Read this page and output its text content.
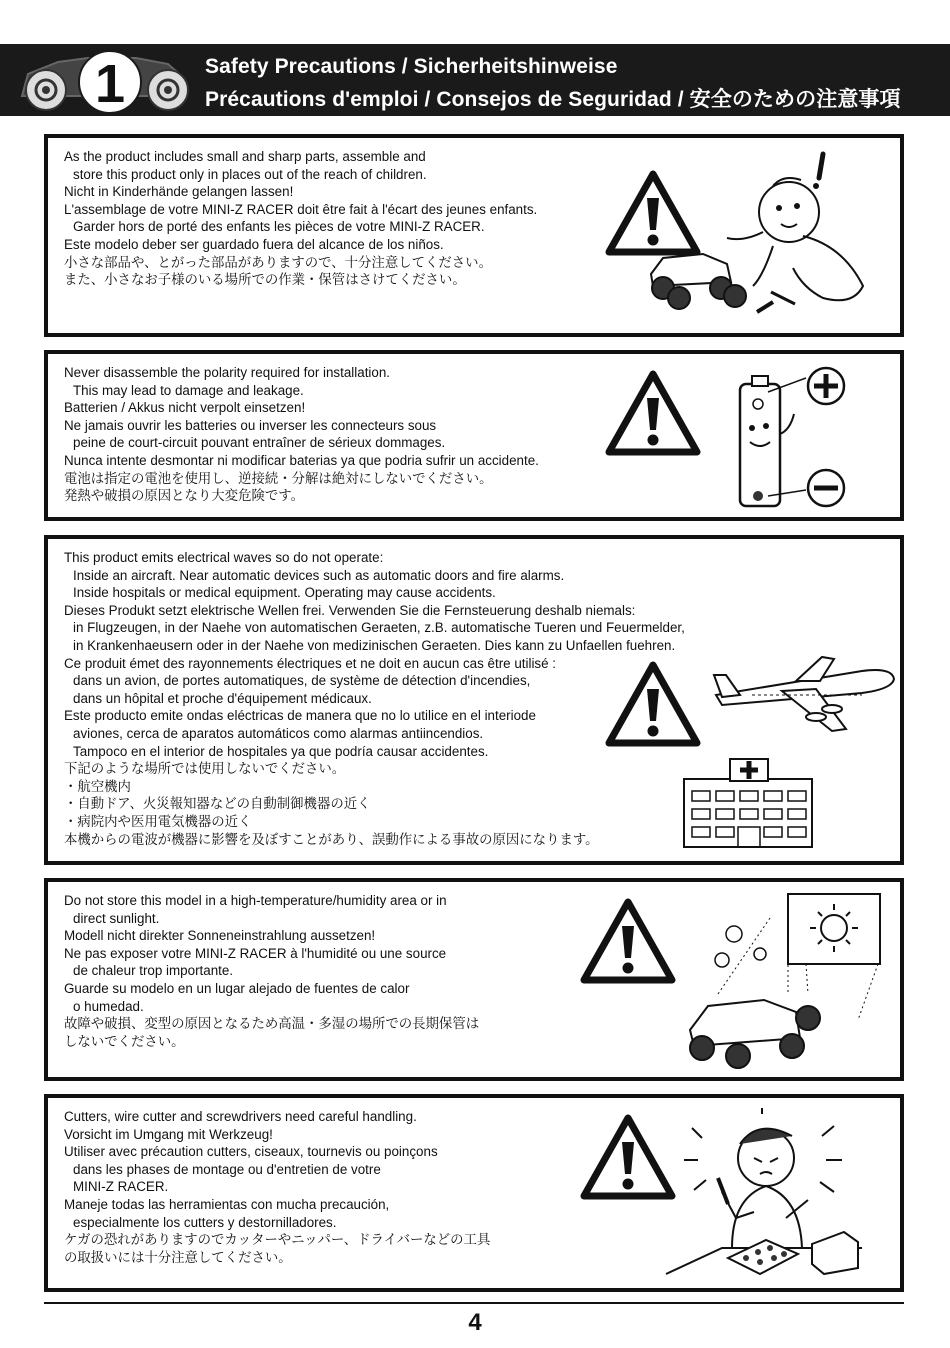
1	Safety Precautions / Sicherheitshinweise
Précautions d'emploi / Consejos de Seguridad / 安全のための注意事項
As the product includes small and sharp parts, assemble and
store this product only in places out of the reach of children.
Nicht in Kinderhände gelangen lassen!
L'assemblage de votre MINI-Z RACER doit être fait à l'écart des jeunes enfants.
Garder hors de porté des enfants les pièces de votre MINI-Z RACER.
Este modelo deber ser guardado fuera del alcance de los niños.
小さな部品や、とがった部品がありますので、十分注意してください。
また、小さなお子様のいる場所での作業・保管はさけてください。
Never disassemble the polarity required for installation.
This may lead to damage and leakage.
Batterien / Akkus nicht verpolt einsetzen!
Ne jamais ouvrir les batteries ou inverser les connecteurs sous
peine de court-circuit pouvant entraîner de sérieux dommages.
Nunca intente desmontar ni modificar baterias ya que podria sufrir un accidente.
電池は指定の電池を使用し、逆接続・分解は絶対にしないでください。
発熱や破損の原因となり大変危険です。
This product emits electrical waves so do not operate:
Inside an aircraft. Near automatic devices such as automatic doors and fire alarms.
Inside hospitals or medical equipment. Operating may cause accidents.
Dieses Produkt setzt elektrische Wellen frei. Verwenden Sie die Fernsteuerung deshalb niemals:
in Flugzeugen, in der Naehe von automatischen Geraeten, z.B. automatische Tueren und Feuermelder,
in Krankenhaeusern oder in der Naehe von medizinischen Geraeten. Dies kann zu Unfaellen fuehren.
Ce produit émet des rayonnements électriques et ne doit en aucun cas être utilisé :
dans un avion, de portes automatiques, de système de détection d'incendies,
dans un hôpital et proche d'équipement médicaux.
Este producto emite ondas eléctricas de manera que no lo utilice en el interiode
aviones, cerca de aparatos automáticos como alarmas antiincendios.
Tampoco en el interior de hospitales ya que podría causar accidentes.
下記のような場所では使用しないでください。
・航空機内
・自動ドア、火災報知器などの自動制御機器の近く
・病院内や医用電気機器の近く
本機からの電波が機器に影響を及ぼすことがあり、誤動作による事故の原因になります。
Do not store this model in a high-temperature/humidity area or in
direct sunlight.
Modell nicht direkter Sonneneinstrahlung aussetzen!
Ne pas exposer votre MINI-Z RACER à l'humidité ou une source
de chaleur trop importante.
Guarde su modelo en un lugar alejado de fuentes de calor
o humedad.
故障や破損、変型の原因となるため高温・多湿の場所での長期保管は
しないでください。
Cutters, wire cutter and screwdrivers need careful handling.
Vorsicht im Umgang mit Werkzeug!
Utiliser avec précaution cutters, ciseaux, tournevis ou poinçons
dans les phases de montage ou d'entretien de votre
MINI-Z RACER.
Maneje todas las herramientas con mucha precaución,
especialmente los cutters y destornilladores.
ケガの恐れがありますのでカッターやニッパー、ドライバーなどの工具
の取扱いには十分注意してください。
4
